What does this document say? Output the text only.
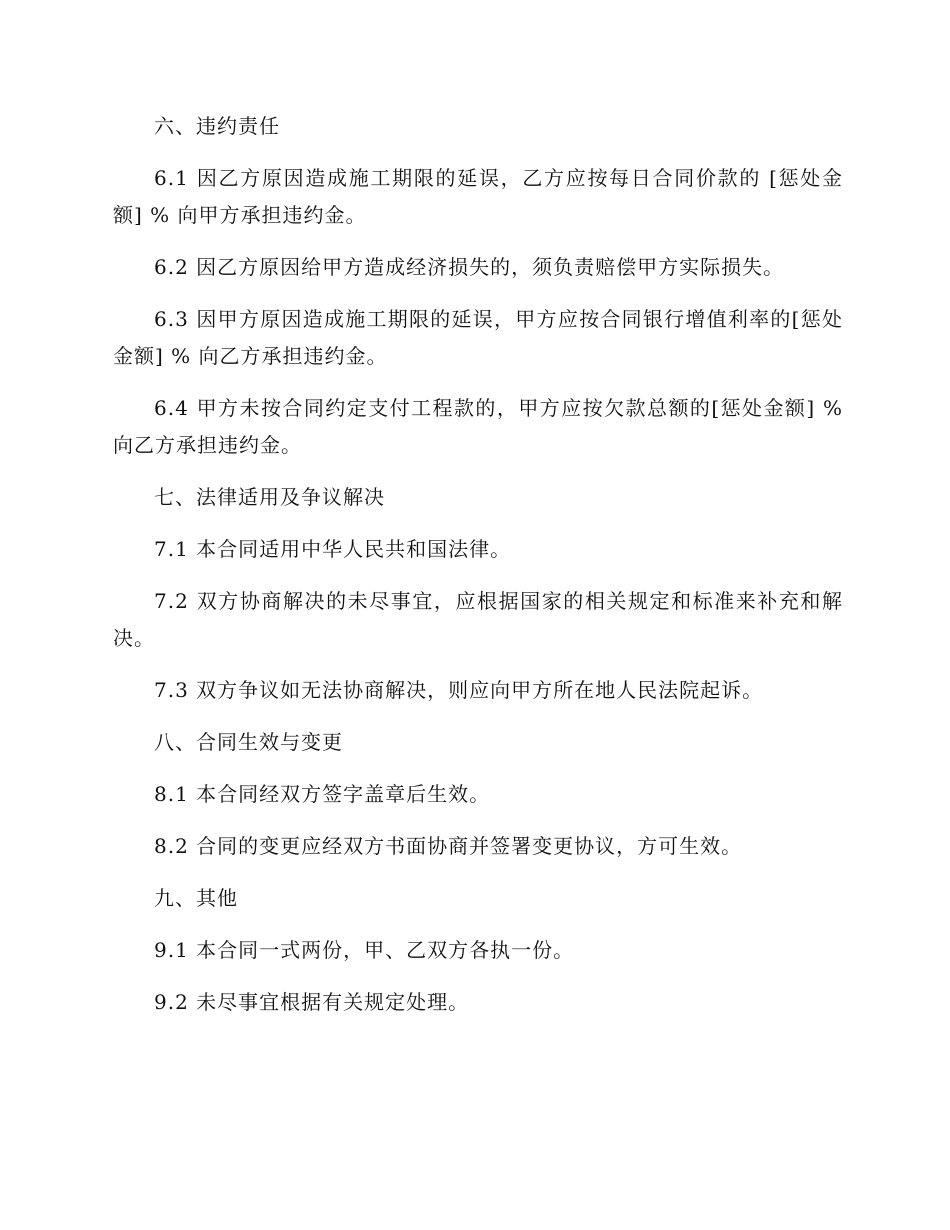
六、违约责任

6.1 因乙方原因造成施工期限的延误，乙方应按每日合同价款的 [惩处金额] % 向甲方承担违约金。

6.2 因乙方原因给甲方造成经济损失的，须负责赔偿甲方实际损失。

6.3 因甲方原因造成施工期限的延误，甲方应按合同银行增值利率的[惩处金额] % 向乙方承担违约金。

6.4 甲方未按合同约定支付工程款的，甲方应按欠款总额的[惩处金额] % 向乙方承担违约金。

七、法律适用及争议解决

7.1 本合同适用中华人民共和国法律。

7.2 双方协商解决的未尽事宜，应根据国家的相关规定和标准来补充和解决。

7.3 双方争议如无法协商解决，则应向甲方所在地人民法院起诉。

八、合同生效与变更

8.1 本合同经双方签字盖章后生效。

8.2 合同的变更应经双方书面协商并签署变更协议，方可生效。

九、其他

9.1 本合同一式两份，甲、乙双方各执一份。

9.2 未尽事宜根据有关规定处理。
